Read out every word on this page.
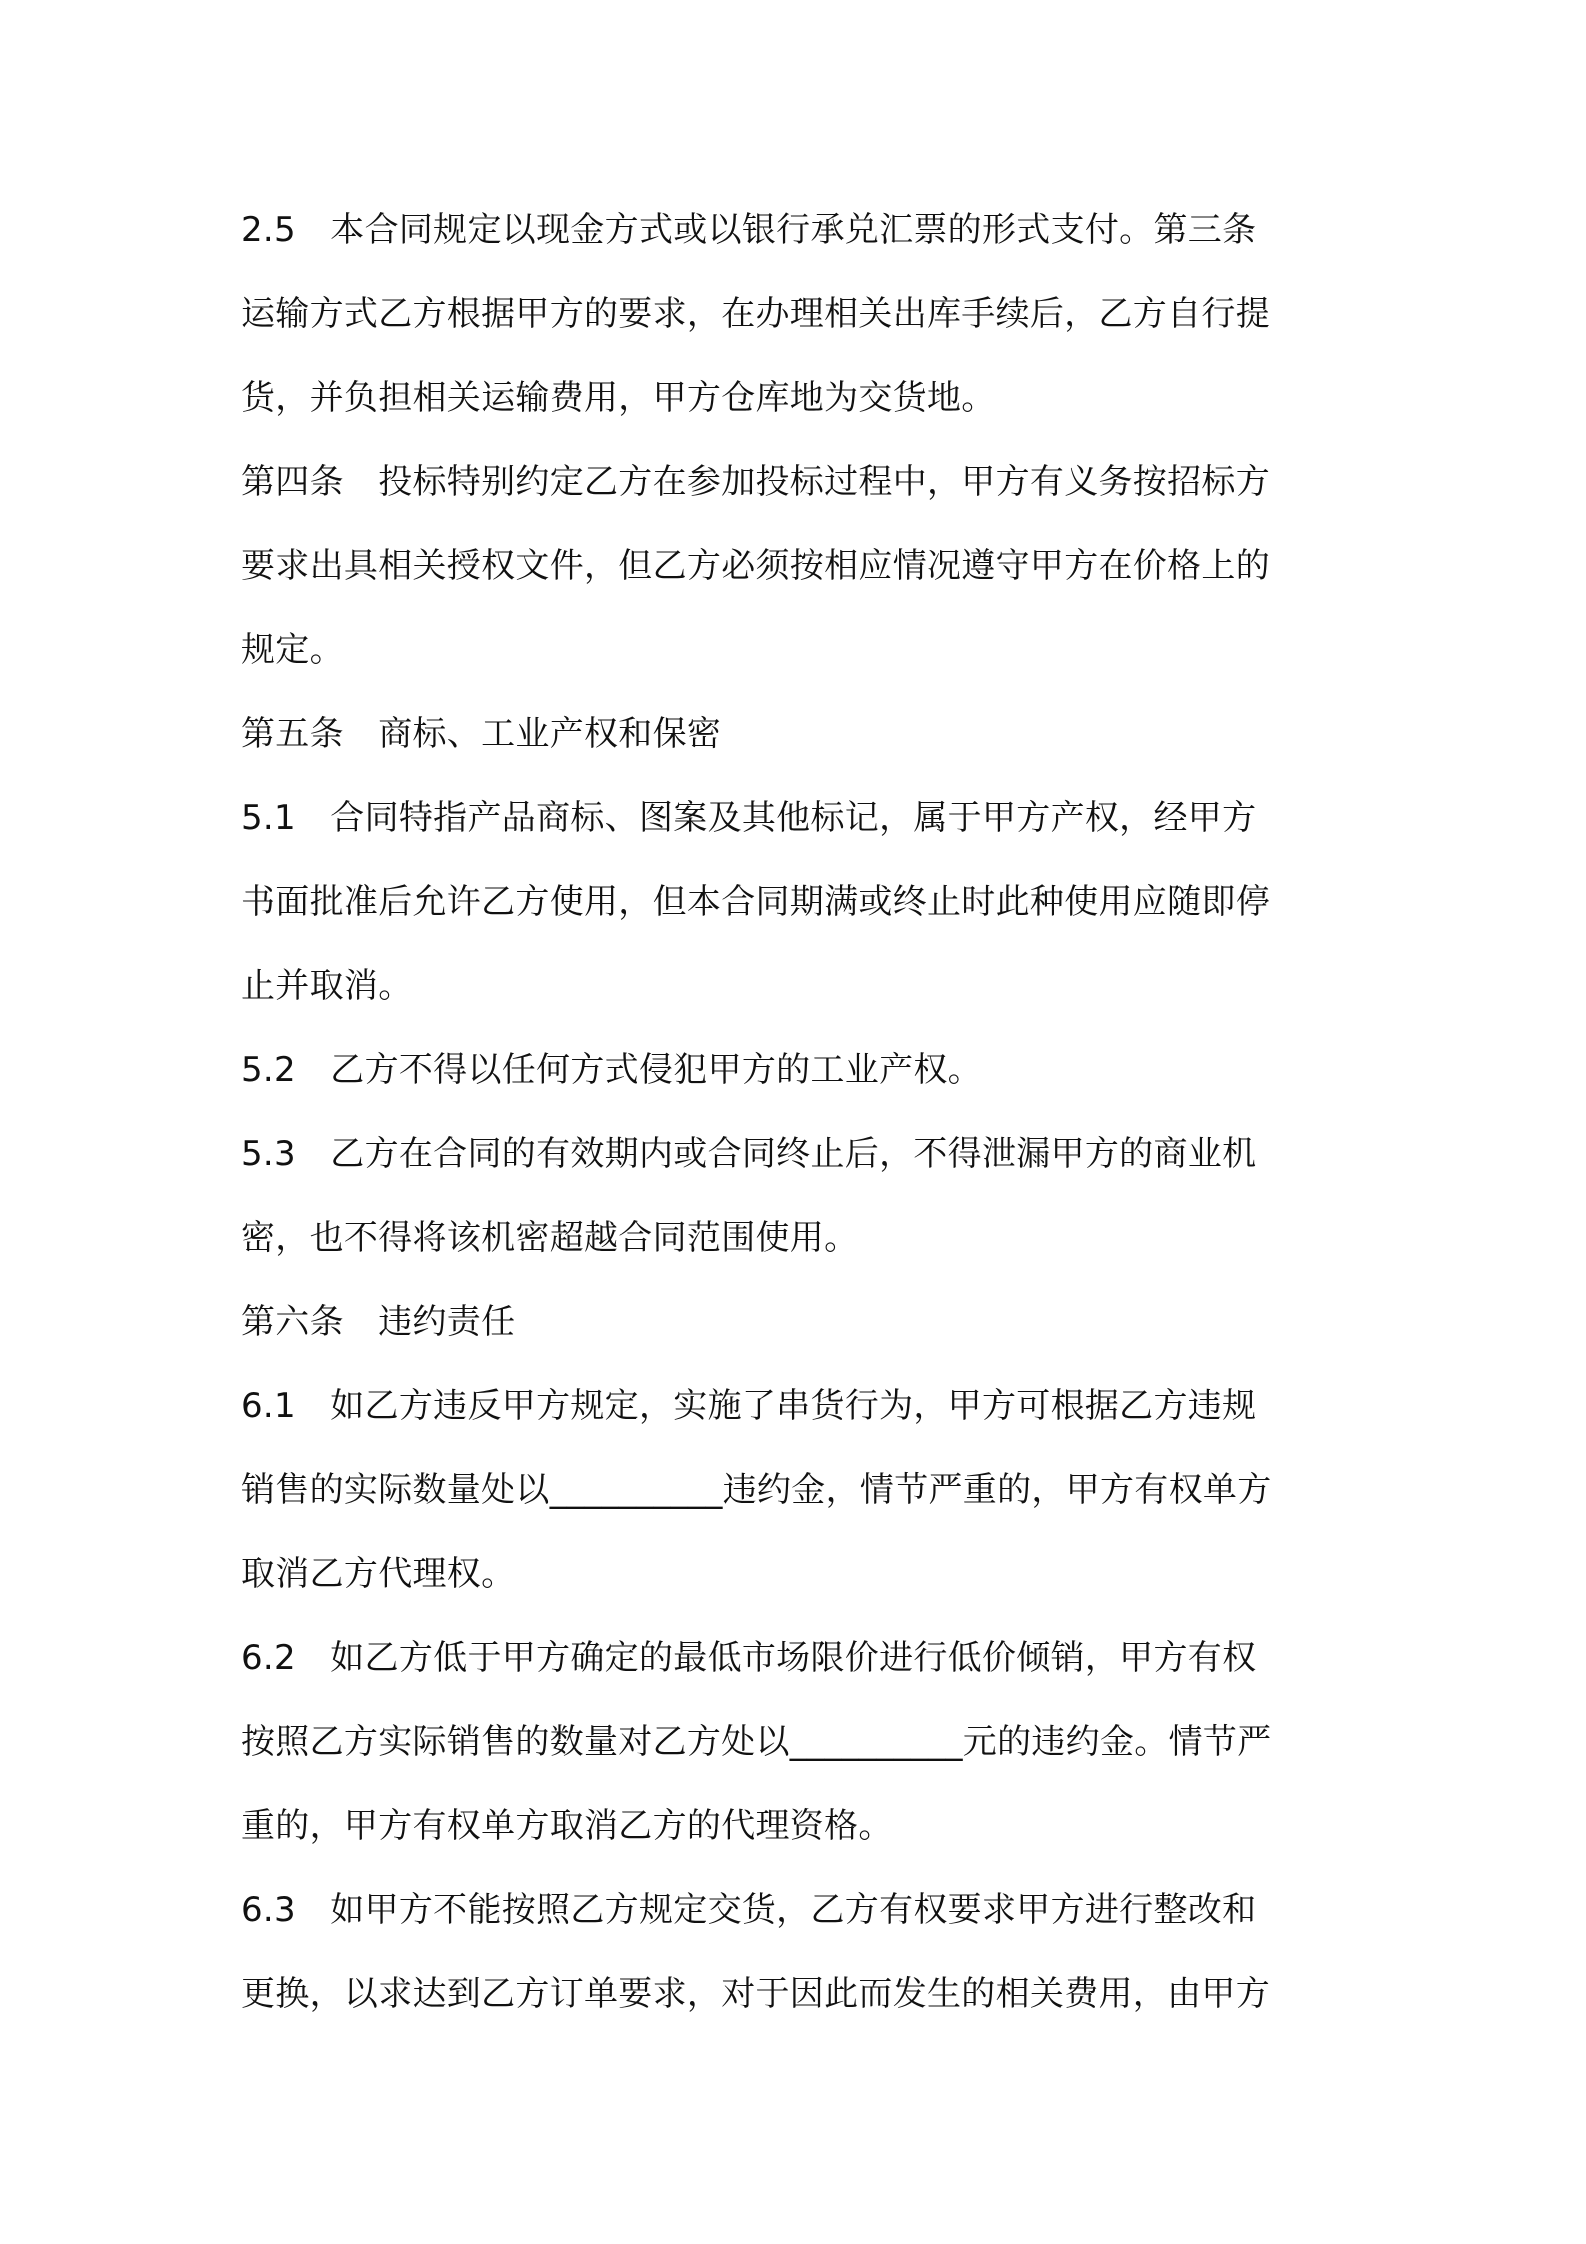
2.5　本合同规定以现金方式或以银行承兑汇票的形式支付。第三条
运输方式乙方根据甲方的要求，在办理相关出库手续后，乙方自行提
货，并负担相关运输费用，甲方仓库地为交货地。
第四条　投标特别约定乙方在参加投标过程中，甲方有义务按招标方
要求出具相关授权文件，但乙方必须按相应情况遵守甲方在价格上的
规定。
第五条　商标、工业产权和保密
5.1　合同特指产品商标、图案及其他标记，属于甲方产权，经甲方
书面批准后允许乙方使用，但本合同期满或终止时此种使用应随即停
止并取消。
5.2　乙方不得以任何方式侵犯甲方的工业产权。
5.3　乙方在合同的有效期内或合同终止后，不得泄漏甲方的商业机
密，也不得将该机密超越合同范围使用。
第六条　违约责任
6.1　如乙方违反甲方规定，实施了串货行为，甲方可根据乙方违规
销售的实际数量处以__________违约金，情节严重的，甲方有权单方
取消乙方代理权。
6.2　如乙方低于甲方确定的最低市场限价进行低价倾销，甲方有权
按照乙方实际销售的数量对乙方处以__________元的违约金。情节严
重的，甲方有权单方取消乙方的代理资格。
6.3　如甲方不能按照乙方规定交货，乙方有权要求甲方进行整改和
更换，以求达到乙方订单要求，对于因此而发生的相关费用，由甲方
